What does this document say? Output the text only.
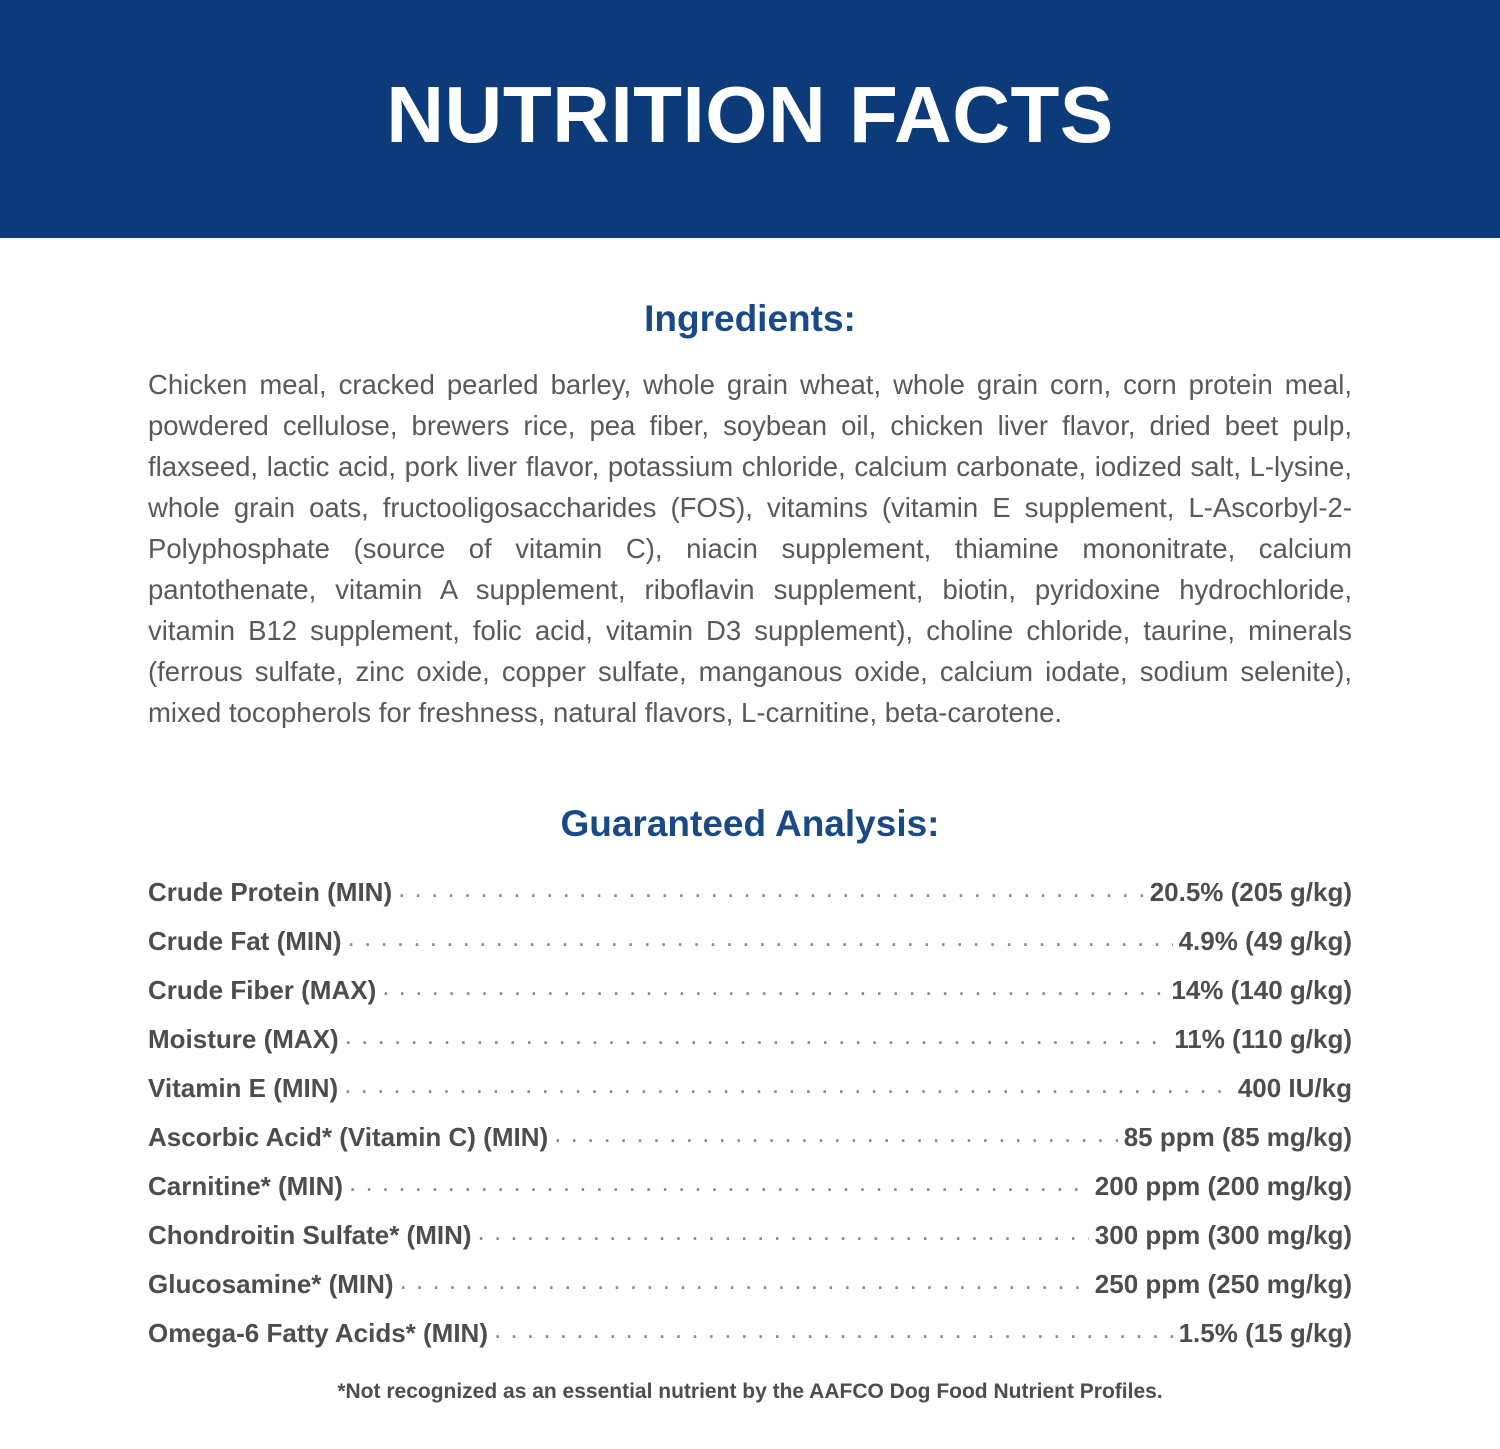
NUTRITION FACTS
Ingredients:

Chicken meal, cracked pearled barley, whole grain wheat, whole grain corn, corn protein meal, powdered cellulose, brewers rice, pea fiber, soybean oil, chicken liver flavor, dried beet pulp, flaxseed, lactic acid, pork liver flavor, potassium chloride, calcium carbonate, iodized salt, L-lysine, whole grain oats, fructooligosaccharides (FOS), vitamins (vitamin E supplement, L-Ascorbyl-2-Polyphosphate (source of vitamin C), niacin supplement, thiamine mononitrate, calcium pantothenate, vitamin A supplement, riboflavin supplement, biotin, pyridoxine hydrochloride, vitamin B12 supplement, folic acid, vitamin D3 supplement), choline chloride, taurine, minerals (ferrous sulfate, zinc oxide, copper sulfate, manganous oxide, calcium iodate, sodium selenite), mixed tocopherols for freshness, natural flavors, L-carnitine, beta-carotene.

Guaranteed Analysis:
Crude Protein (MIN) . . .	20.5% (205 g/kg)
Crude Fat (MIN) . . .	4.9% (49 g/kg)
Crude Fiber (MAX) . . .	14% (140 g/kg)
Moisture (MAX) . . .	11% (110 g/kg)
Vitamin E (MIN) . . .	400 IU/kg
Ascorbic Acid* (Vitamin C) (MIN) . . .	85 ppm (85 mg/kg)
Carnitine* (MIN) . . .	200 ppm (200 mg/kg)
Chondroitin Sulfate* (MIN) . . .	300 ppm (300 mg/kg)
Glucosamine* (MIN) . . .	250 ppm (250 mg/kg)
Omega-6 Fatty Acids* (MIN) . . .	1.5% (15 g/kg)
*Not recognized as an essential nutrient by the AAFCO Dog Food Nutrient Profiles.
